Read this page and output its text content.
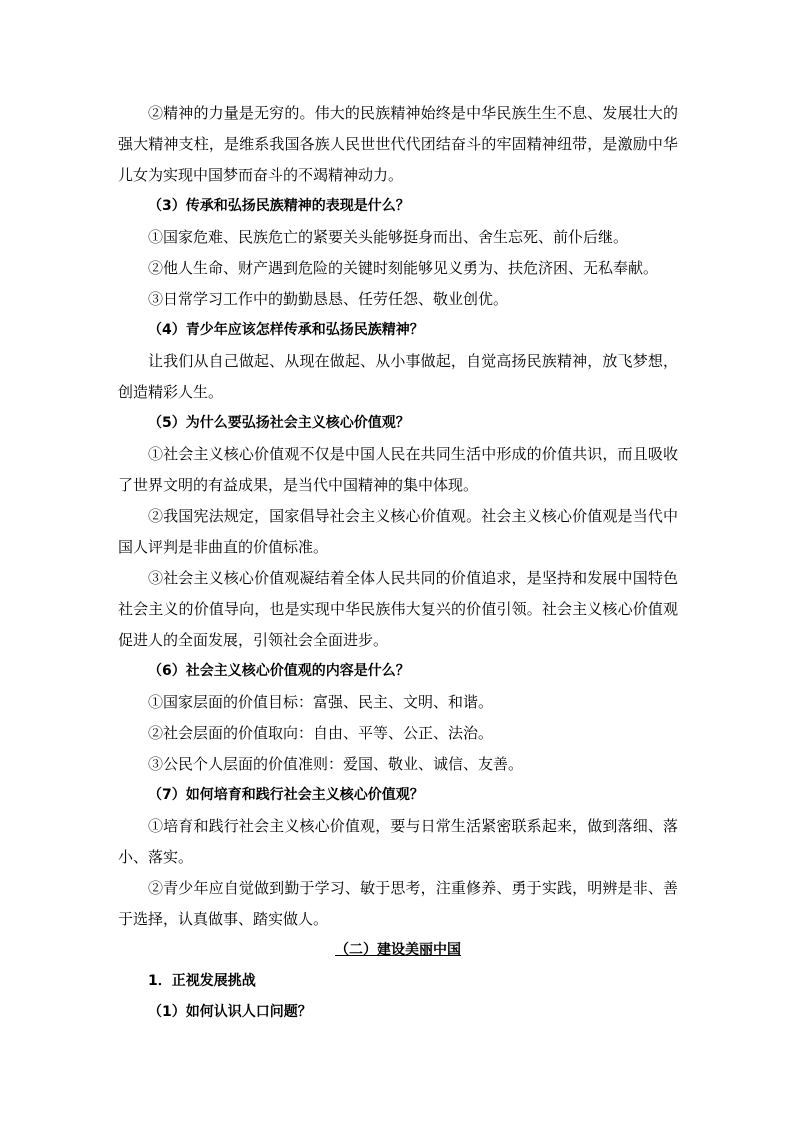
②精神的力量是无穷的。伟大的民族精神始终是中华民族生生不息、发展壮大的强大精神支柱，是维系我国各族人民世世代代团结奋斗的牢固精神纽带，是激励中华儿女为实现中国梦而奋斗的不竭精神动力。

（3）传承和弘扬民族精神的表现是什么？

①国家危难、民族危亡的紧要关头能够挺身而出、舍生忘死、前仆后继。

②他人生命、财产遇到危险的关键时刻能够见义勇为、扶危济困、无私奉献。

③日常学习工作中的勤勤恳恳、任劳任怨、敬业创优。

（4）青少年应该怎样传承和弘扬民族精神？

让我们从自己做起、从现在做起、从小事做起，自觉高扬民族精神，放飞梦想，创造精彩人生。

（5）为什么要弘扬社会主义核心价值观？

①社会主义核心价值观不仅是中国人民在共同生活中形成的价值共识，而且吸收了世界文明的有益成果，是当代中国精神的集中体现。

②我国宪法规定，国家倡导社会主义核心价值观。社会主义核心价值观是当代中国人评判是非曲直的价值标准。

③社会主义核心价值观凝结着全体人民共同的价值追求，是坚持和发展中国特色社会主义的价值导向，也是实现中华民族伟大复兴的价值引领。社会主义核心价值观促进人的全面发展，引领社会全面进步。

（6）社会主义核心价值观的内容是什么？

①国家层面的价值目标：富强、民主、文明、和谐。

②社会层面的价值取向：自由、平等、公正、法治。

③公民个人层面的价值准则：爱国、敬业、诚信、友善。

（7）如何培育和践行社会主义核心价值观？

①培育和践行社会主义核心价值观，要与日常生活紧密联系起来，做到落细、落小、落实。

②青少年应自觉做到勤于学习、敏于思考，注重修养、勇于实践，明辨是非、善于选择，认真做事、踏实做人。

（二）建设美丽中国

1．正视发展挑战

（1）如何认识人口问题？
